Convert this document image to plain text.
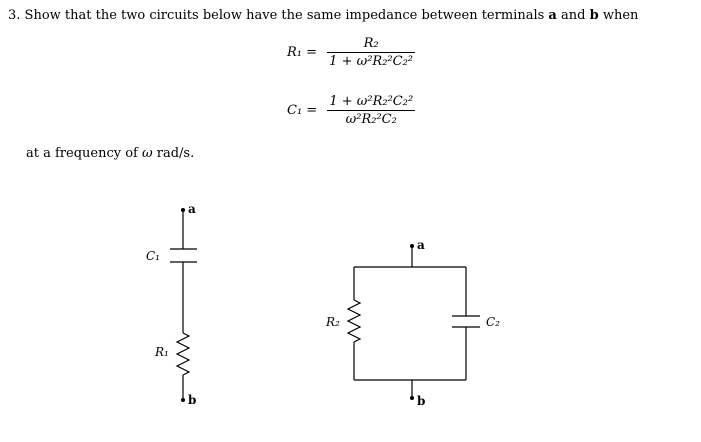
3. Show that the two circuits below have the same impedance between terminals a and b when
$R_1 = \frac{\text{R₂}}{\text{1 + ω²R₂²C₂²}}$
$C_1 = \frac{\text{1 + ω²R₂²C₂²}}{\text{ω²R₂²C₂}}$
at a frequency of ω rad/s.
a
C₁
R₁
b
a
R₂	C₂
b
